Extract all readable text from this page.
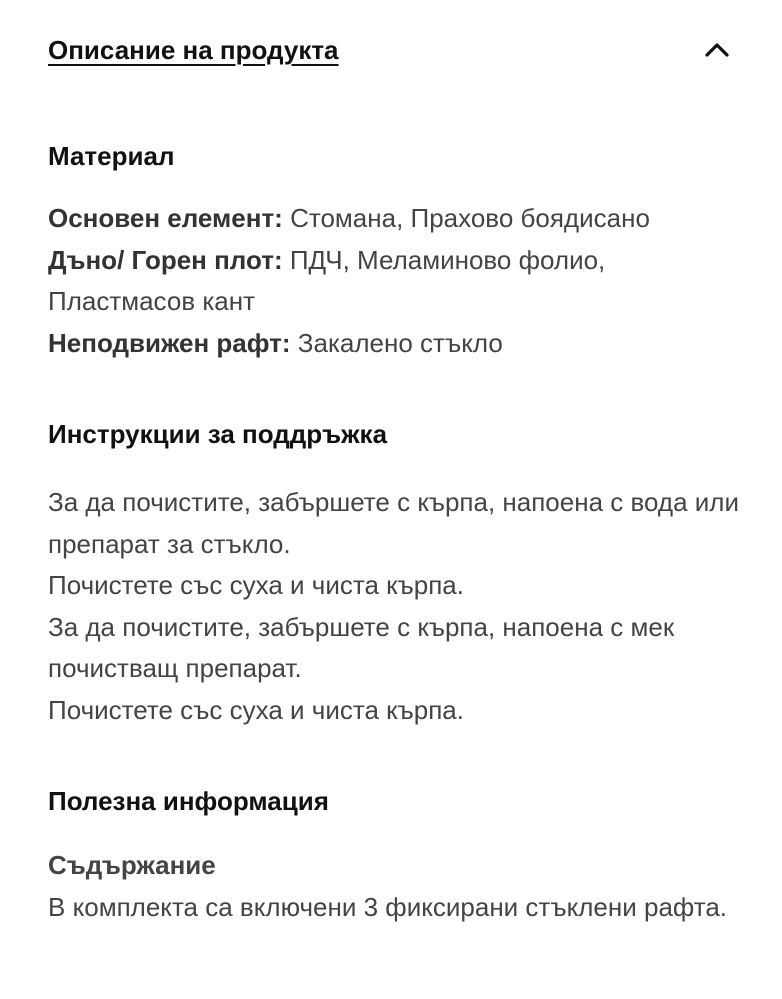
Описание на продукта
Материал

Основен елемент: Стомана, Прахово боядисано

Дъно/ Горен плот: ПДЧ, Меламиново фолио, Пластмасов кант

Неподвижен рафт: Закалено стъкло

Инструкции за поддръжка

За да почистите, забършете с кърпа, напоена с вода или препарат за стъкло.

Почистете със суха и чиста кърпа.

За да почистите, забършете с кърпа, напоена с мек почистващ препарат.

Почистете със суха и чиста кърпа.

Полезна информация

Съдържание

В комплекта са включени 3 фиксирани стъклени рафта.
